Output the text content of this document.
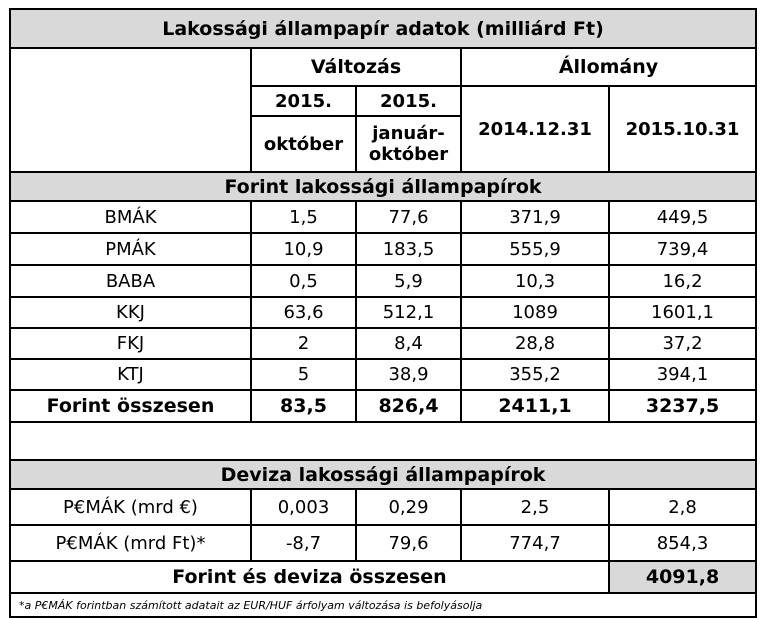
Lakossági állampapír adatok (milliárd Ft)				
	Változás		Állomány	
	2015.	2015.	2014.12.31	2015.10.31
	október	január-
október		
Forint lakossági állampapírok				
BMÁK	1,5	77,6	371,9	449,5
PMÁK	10,9	183,5	555,9	739,4
BABA	0,5	5,9	10,3	16,2
KKJ	63,6	512,1	1089	1601,1
FKJ	2	8,4	28,8	37,2
KTJ	5	38,9	355,2	394,1
Forint összesen	83,5	826,4	2411,1	3237,5

Deviza lakossági állampapírok				
P€MÁK (mrd €)	0,003	0,29	2,5	2,8
P€MÁK (mrd Ft)*	-8,7	79,6	774,7	854,3
Forint és deviza összesen				4091,8
*a P€MÁK forintban számított adatait az EUR/HUF árfolyam változása is befolyásolja				
